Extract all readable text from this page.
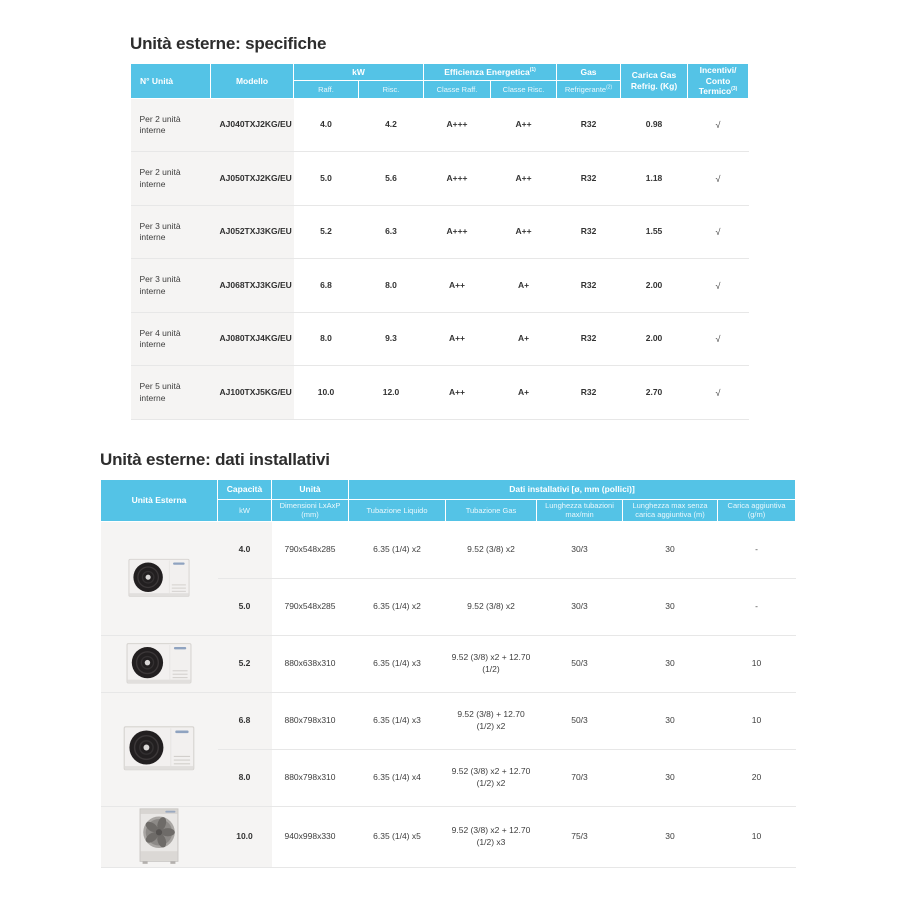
Unità esterne: specifiche
N° Unità	Modello	kW		Efficienza Energetica$^{(1)}$		Gas	Carica Gas Refrig. (Kg)	Incentivi/
Conto Termico$^{(3)}$
		Raff.	Risc.	Classe Raff.	Classe Risc.	Refrigerante$^{(2)}$
Per 2 unità interne	AJ040TXJ2KG/EU	4.0	4.2	A+++	A++	R32	0.98	√
Per 2 unità interne	AJ050TXJ2KG/EU	5.0	5.6	A+++	A++	R32	1.18	√
Per 3 unità interne	AJ052TXJ3KG/EU	5.2	6.3	A+++	A++	R32	1.55	√
Per 3 unità interne	AJ068TXJ3KG/EU	6.8	8.0	A++	A+	R32	2.00	√
Per 4 unità interne	AJ080TXJ4KG/EU	8.0	9.3	A++	A+	R32	2.00	√
Per 5 unità interne	AJ100TXJ5KG/EU	10.0	12.0	A++	A+	R32	2.70	√
Unità esterne: dati installativi
Unità Esterna	Capacità	Unità	Dati installativi [ø, mm (pollici)]				
	kW	Dimensioni LxAxP (mm)	Tubazione Liquido	Tubazione Gas	Lunghezza tubazioni max/min	Lunghezza max senza carica aggiuntiva (m)	Carica aggiuntiva (g/m)

	4.0	790x548x285	6.35 (1/4) x2	9.52 (3/8) x2	30/3	30	-
	5.0	790x548x285	6.35 (1/4) x2	9.52 (3/8) x2	30/3	30	-

	5.2	880x638x310	6.35 (1/4) x3	9.52 (3/8) x2 + 12.70 (1/2)	50/3	30	10

	6.8	880x798x310	6.35 (1/4) x3	9.52 (3/8) + 12.70 (1/2) x2	50/3	30	10
	8.0	880x798x310	6.35 (1/4) x4	9.52 (3/8) x2 + 12.70 (1/2) x2	70/3	30	20

	10.0	940x998x330	6.35 (1/4) x5	9.52 (3/8) x2 + 12.70 (1/2) x3	75/3	30	10
